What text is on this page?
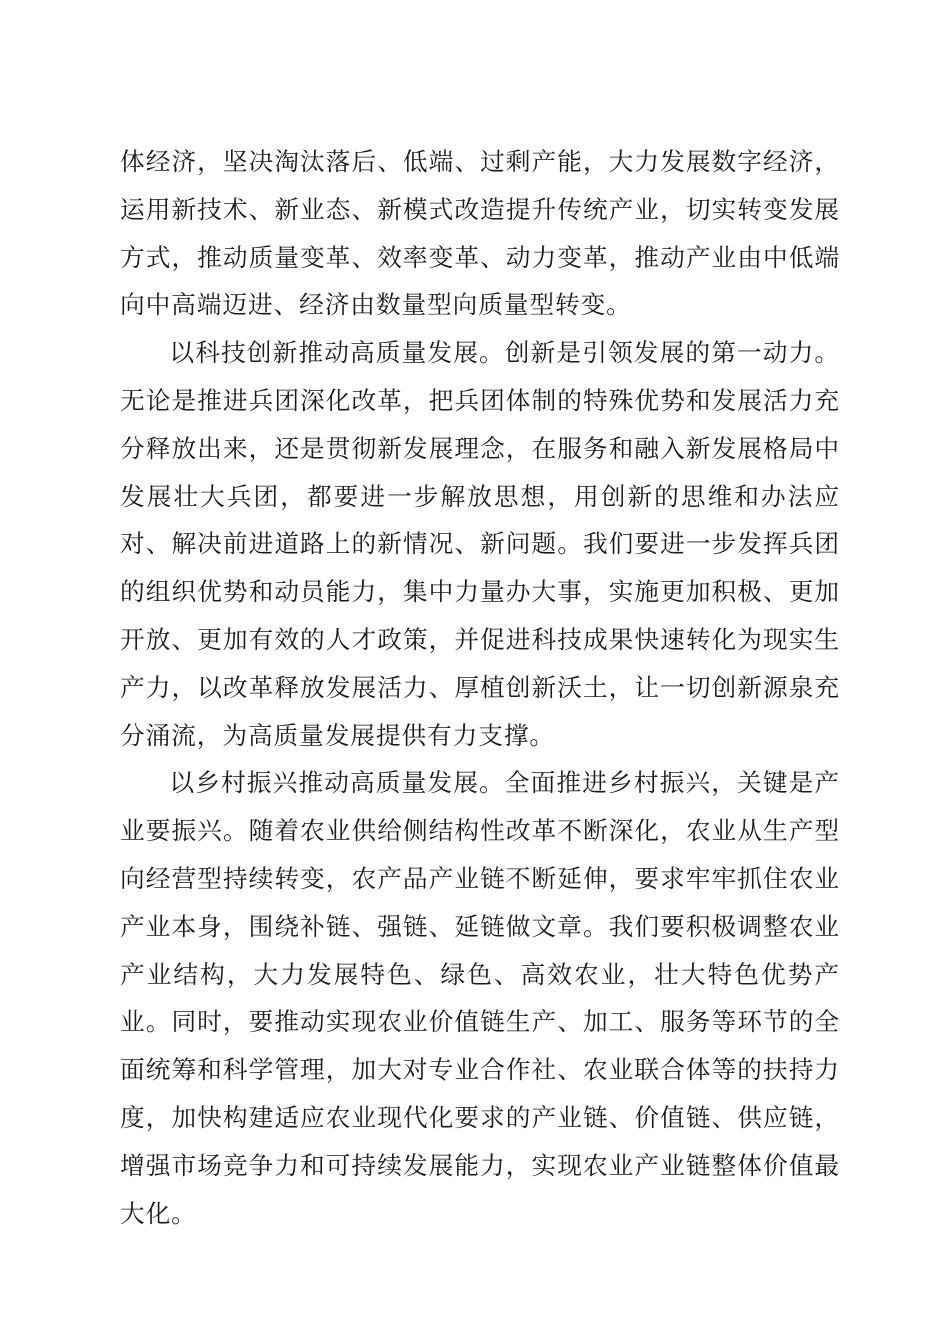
体经济，坚决淘汰落后、低端、过剩产能，大力发展数字经济，运用新技术、新业态、新模式改造提升传统产业，切实转变发展方式，推动质量变革、效率变革、动力变革，推动产业由中低端向中高端迈进、经济由数量型向质量型转变。

以科技创新推动高质量发展。创新是引领发展的第一动力。无论是推进兵团深化改革，把兵团体制的特殊优势和发展活力充分释放出来，还是贯彻新发展理念，在服务和融入新发展格局中发展壮大兵团，都要进一步解放思想，用创新的思维和办法应对、解决前进道路上的新情况、新问题。我们要进一步发挥兵团的组织优势和动员能力，集中力量办大事，实施更加积极、更加开放、更加有效的人才政策，并促进科技成果快速转化为现实生产力，以改革释放发展活力、厚植创新沃土，让一切创新源泉充分涌流，为高质量发展提供有力支撑。

以乡村振兴推动高质量发展。全面推进乡村振兴，关键是产业要振兴。随着农业供给侧结构性改革不断深化，农业从生产型向经营型持续转变，农产品产业链不断延伸，要求牢牢抓住农业产业本身，围绕补链、强链、延链做文章。我们要积极调整农业产业结构，大力发展特色、绿色、高效农业，壮大特色优势产业。同时，要推动实现农业价值链生产、加工、服务等环节的全面统筹和科学管理，加大对专业合作社、农业联合体等的扶持力度，加快构建适应农业现代化要求的产业链、价值链、供应链，增强市场竞争力和可持续发展能力，实现农业产业链整体价值最大化。
